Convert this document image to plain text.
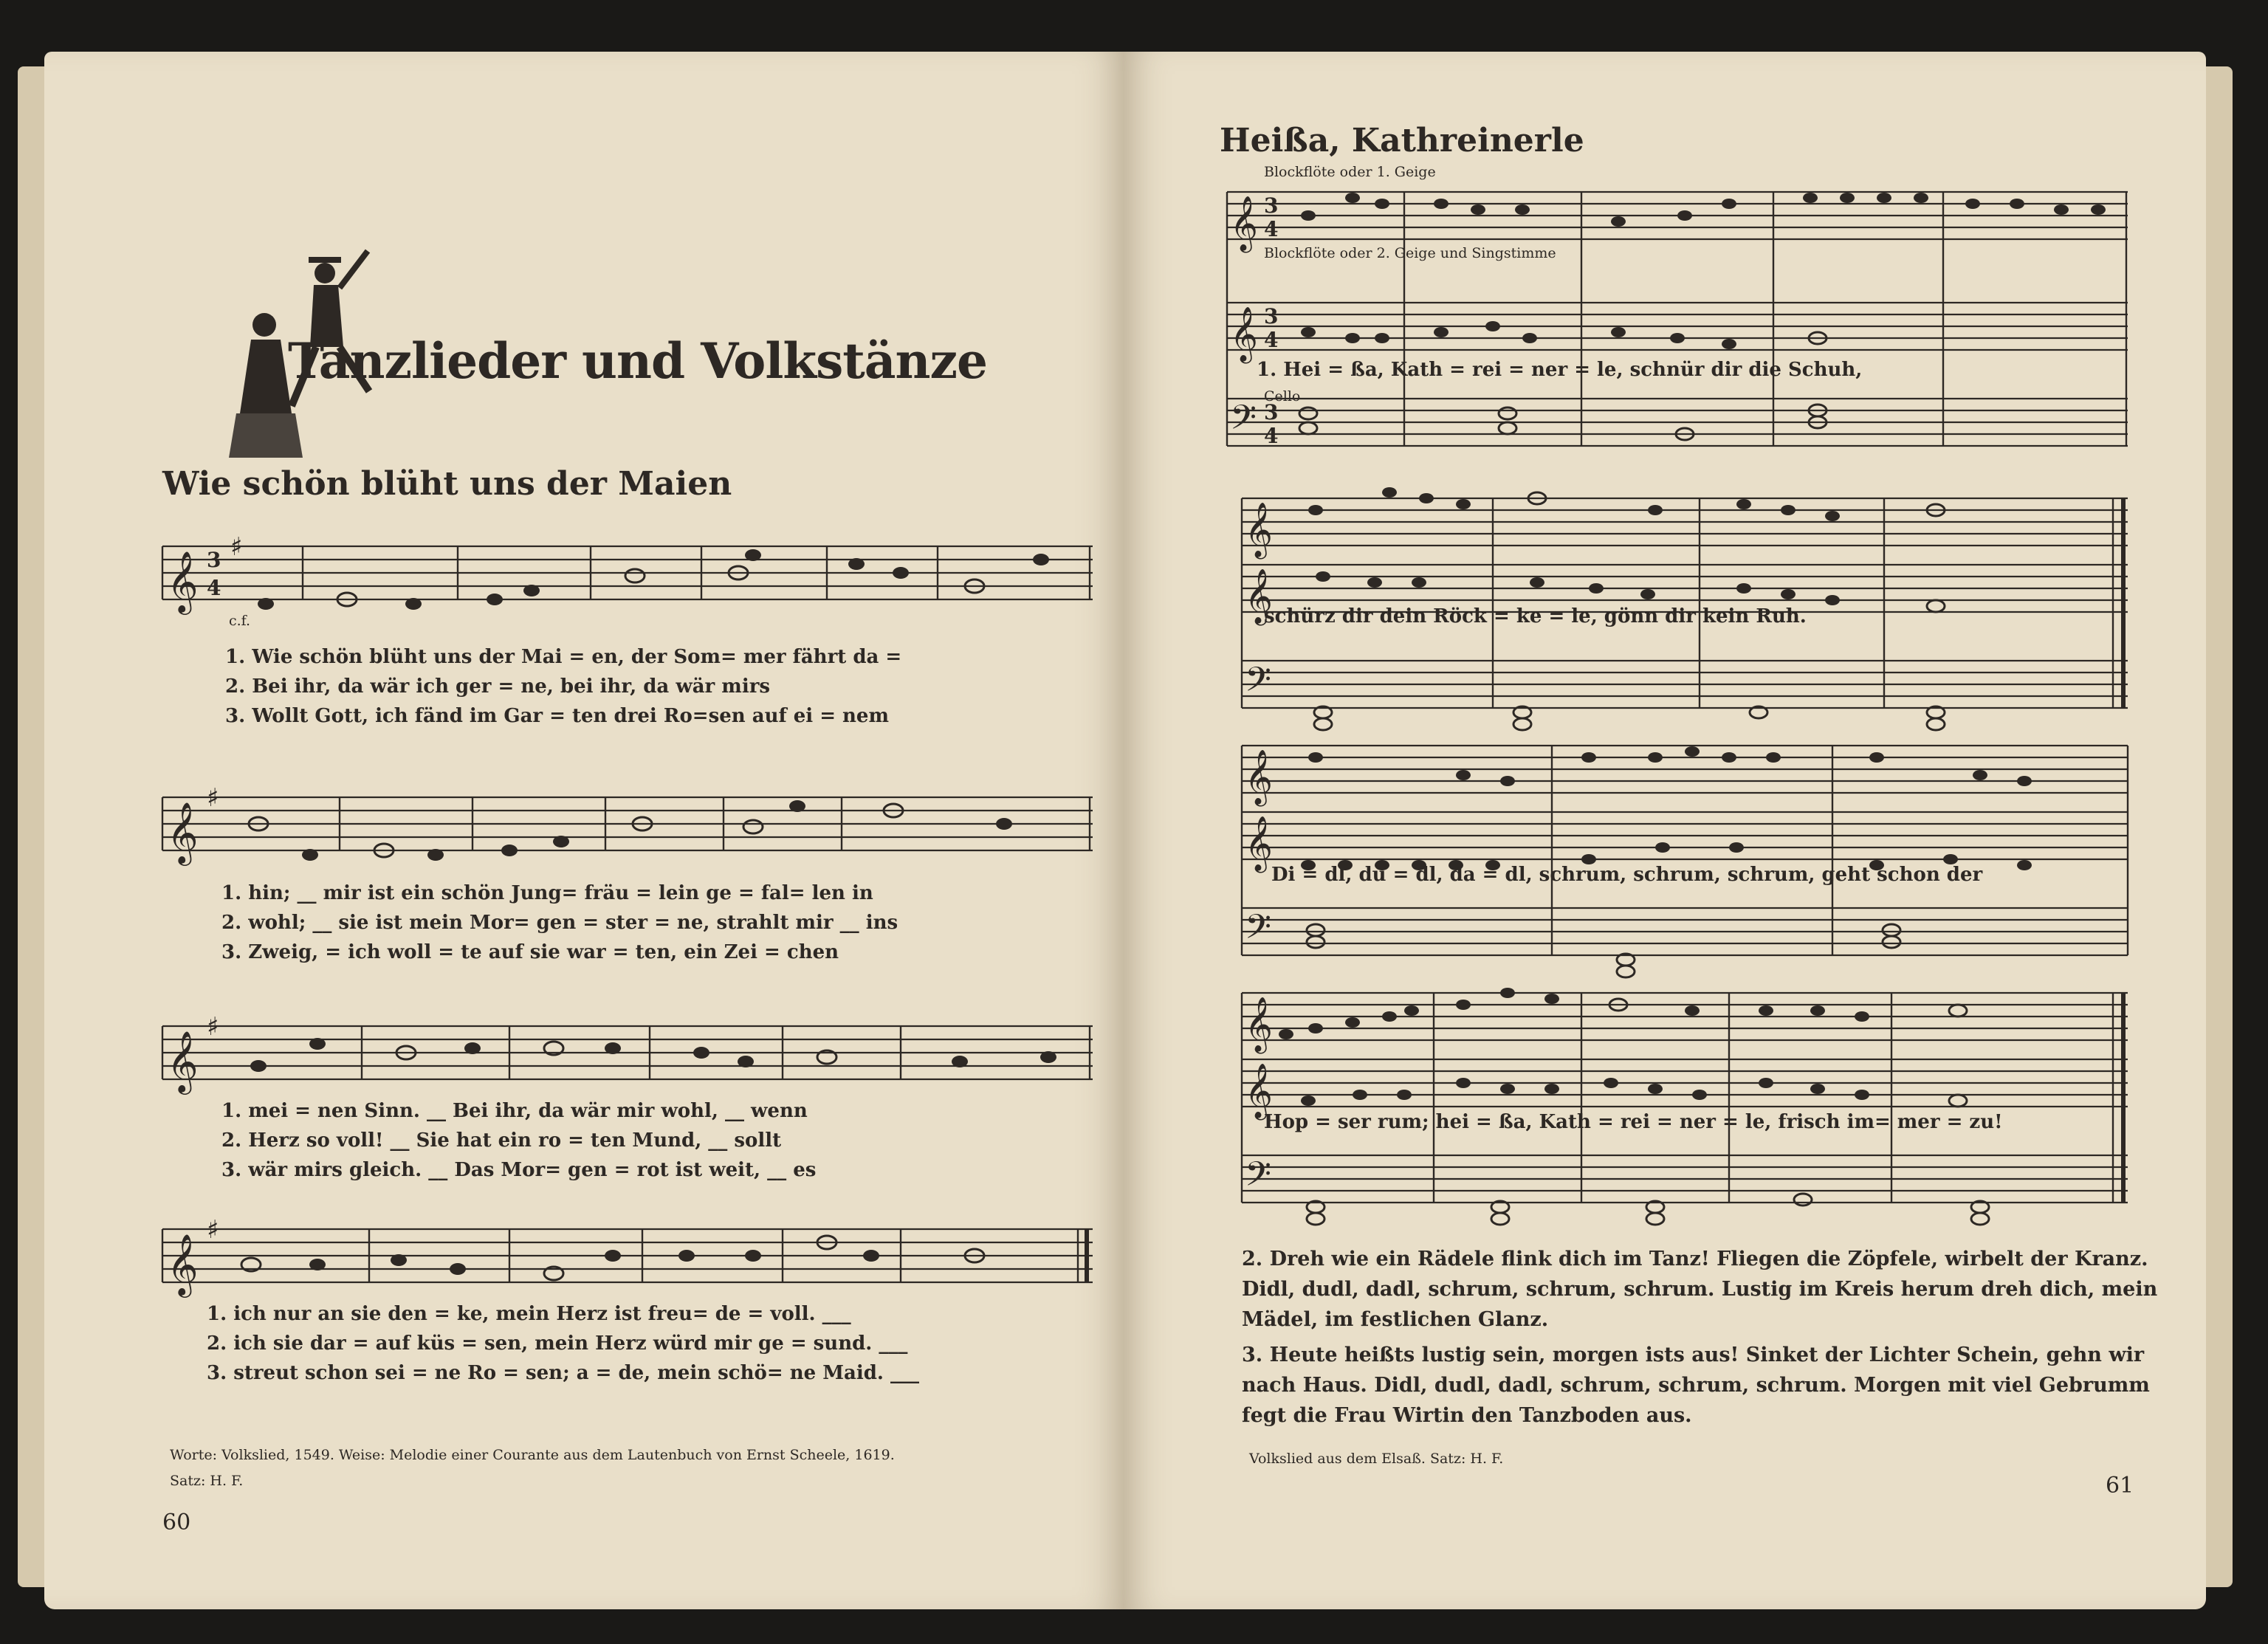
Tanzlieder und Volkstänze
Wie schön blüht uns der Maien
𝄞 3
4
♯
c.f.
1. Wie schön blüht uns der Mai = en, der Som= mer fährt da =
2. Bei ihr, da wär ich ger = ne, bei ihr, da wär mirs
3. Wollt Gott, ich fänd im Gar = ten drei Ro=sen auf ei = nem
𝄞
♯
1. hin; __ mir ist ein schön Jung= fräu = lein ge = fal= len in
2. wohl; __ sie ist mein Mor= gen = ster = ne, strahlt mir __ ins
3. Zweig, = ich woll = te auf sie war = ten, ein Zei = chen
𝄞
♯
1. mei = nen Sinn. __ Bei ihr, da wär mir wohl, __ wenn
2. Herz so voll! __ Sie hat ein ro = ten Mund, __ sollt
3. wär mirs gleich. __ Das Mor= gen = rot ist weit, __ es
𝄞
♯
1. ich nur an sie den = ke, mein Herz ist freu= de = voll. ___
2. ich sie dar = auf küs = sen, mein Herz würd mir ge = sund. ___
3. streut schon sei = ne Ro = sen; a = de, mein schö= ne Maid. ___
Worte: Volkslied, 1549. Weise: Melodie einer Courante aus dem Lautenbuch von Ernst Scheele, 1619.
Satz: H. F.
60
Heißa, Kathreinerle
Blockflöte oder 1. Geige
𝄞
𝄞
𝄢
3
4
3
4
3
4
Blockflöte oder 2. Geige und Singstimme
1. Hei = ßa, Kath = rei = ner = le, schnür dir die Schuh,
Cello
𝄞
𝄞
𝄢
schürz dir dein Röck = ke = le, gönn dir kein Ruh.
𝄞
𝄞
𝄢
Di = dl, du = dl, da = dl, schrum, schrum, schrum, geht schon der
𝄞
𝄞
𝄢
Hop = ser rum; hei = ßa, Kath = rei = ner = le, frisch im= mer = zu!
2. Dreh wie ein Rädele flink dich im Tanz! Fliegen die Zöpfele, wirbelt der Kranz. Didl, dudl, dadl, schrum, schrum, schrum. Lustig im Kreis herum dreh dich, mein Mädel, im festlichen Glanz.
3. Heute heißts lustig sein, morgen ists aus! Sinket der Lichter Schein, gehn wir nach Haus. Didl, dudl, dadl, schrum, schrum, schrum. Morgen mit viel Gebrumm fegt die Frau Wirtin den Tanzboden aus.
Volkslied aus dem Elsaß. Satz: H. F.
61
